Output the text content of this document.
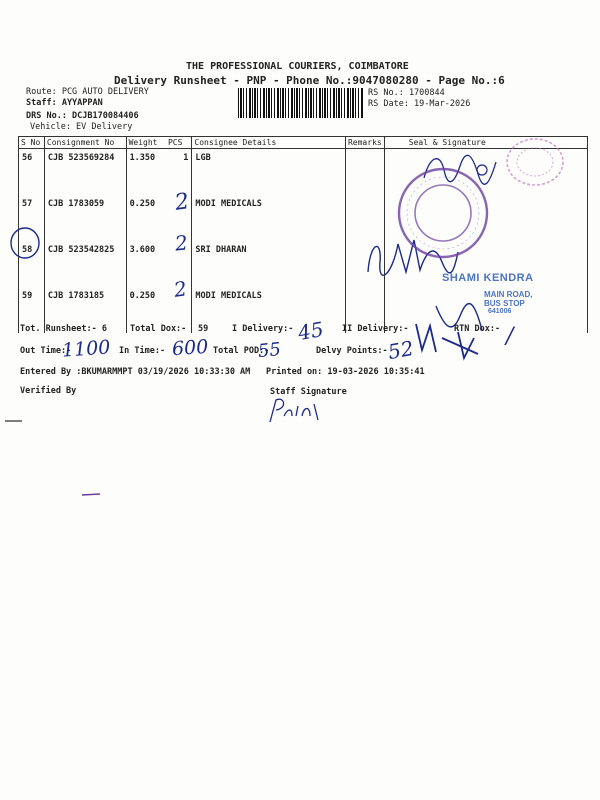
THE PROFESSIONAL COURIERS, COIMBATORE
Delivery Runsheet - PNP - Phone No.:9047080280 - Page No.:6
Route: PCG AUTO DELIVERY
Staff: AYYAPPAN
DRS No.: DCJB170084406
Vehicle: EV Delivery
RS No.: 1700844
RS Date: 19-Mar-2026
S No	Consignment No	Weight	PCS	Consignee Details	Remarks	Seal & Signature
56	CJB 523569284	1.350	1	LGB		
57	CJB 1783059	0.250		MODI MEDICALS		
58	CJB 523542825	3.600		SRI DHARAN		
59	CJB 1783185	0.250		MODI MEDICALS		
Tot. Runsheet:- 6	Total Dox:- 59	I Delivery:-	II Delivery:-	RTN Dox:-
Out Time:-	In Time:-	Total POD:-	Delvy Points:-
Entered By :BKUMARMMPT 03/19/2026 10:33:30 AM Printed on: 19-03-2026 10:35:41
Verified By	Staff Signature
2
2
2
45
1100	600	55	52	/
SHAMI KENDRA
MAIN ROAD,
BUS STOP
641006
